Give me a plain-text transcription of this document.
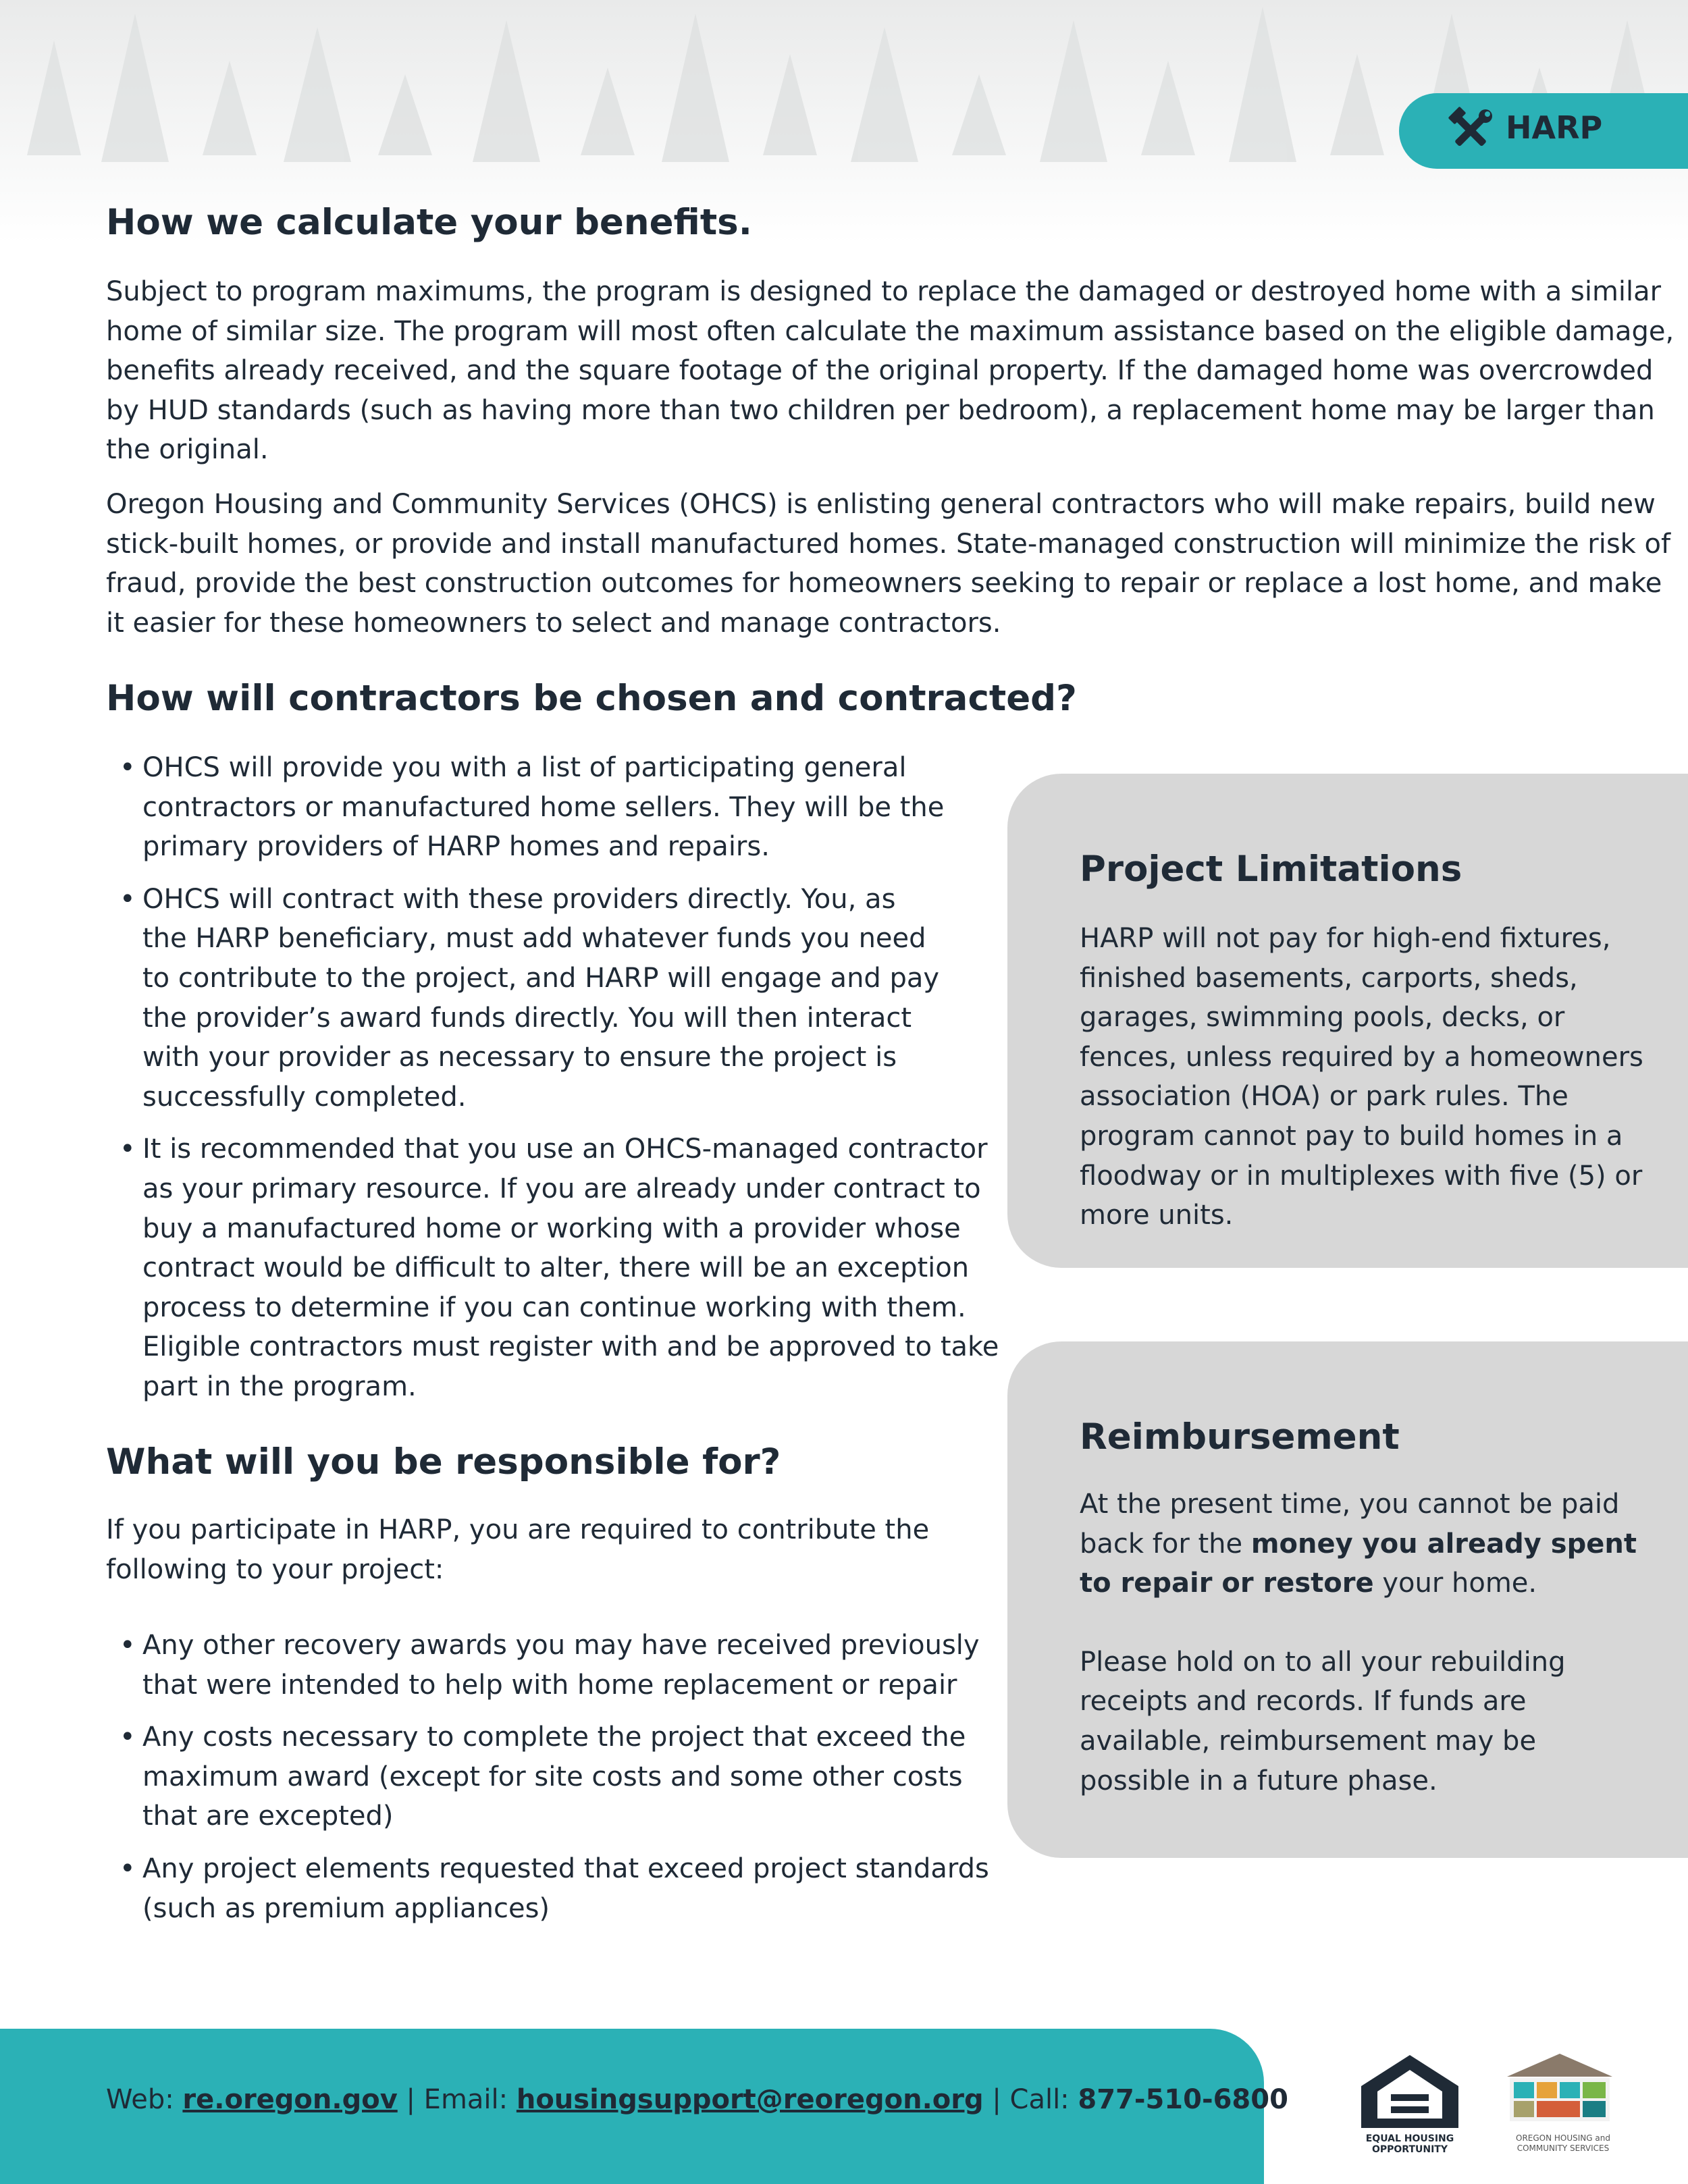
HARP
How we calculate your benefits.
Subject to program maximums, the program is designed to replace the damaged or destroyed home with a similar
home of similar size. The program will most often calculate the maximum assistance based on the eligible damage,
benefits already received, and the square footage of the original property. If the damaged home was overcrowded
by HUD standards (such as having more than two children per bedroom), a replacement home may be larger than
the original.
Oregon Housing and Community Services (OHCS) is enlisting general contractors who will make repairs, build new
stick-built homes, or provide and install manufactured homes. State-managed construction will minimize the risk of
fraud, provide the best construction outcomes for homeowners seeking to repair or replace a lost home, and make
it easier for these homeowners to select and manage contractors.
How will contractors be chosen and contracted?
• OHCS will provide you with a list of participating general
contractors or manufactured home sellers. They will be the
primary providers of HARP homes and repairs.
• OHCS will contract with these providers directly. You, as
the HARP beneficiary, must add whatever funds you need
to contribute to the project, and HARP will engage and pay
the provider’s award funds directly. You will then interact
with your provider as necessary to ensure the project is
successfully completed.
• It is recommended that you use an OHCS-managed contractor
as your primary resource. If you are already under contract to
buy a manufactured home or working with a provider whose
contract would be difficult to alter, there will be an exception
process to determine if you can continue working with them.
Eligible contractors must register with and be approved to take
part in the program.
What will you be responsible for?
If you participate in HARP, you are required to contribute the
following to your project:
• Any other recovery awards you may have received previously
that were intended to help with home replacement or repair
• Any costs necessary to complete the project that exceed the
maximum award (except for site costs and some other costs
that are excepted)
• Any project elements requested that exceed project standards
(such as premium appliances)
Project Limitations
HARP will not pay for high-end fixtures,
finished basements, carports, sheds,
garages, swimming pools, decks, or
fences, unless required by a homeowners
association (HOA) or park rules. The
program cannot pay to build homes in a
floodway or in multiplexes with five (5) or
more units.
Reimbursement
At the present time, you cannot be paid
back for the money you already spent
to repair or restore your home.
Please hold on to all your rebuilding
receipts and records. If funds are
available, reimbursement may be
possible in a future phase.
Web: re.oregon.gov | Email: housingsupport@reoregon.org | Call: 877-510-6800
EQUAL HOUSING
OPPORTUNITY
OREGON HOUSING and
COMMUNITY SERVICES
